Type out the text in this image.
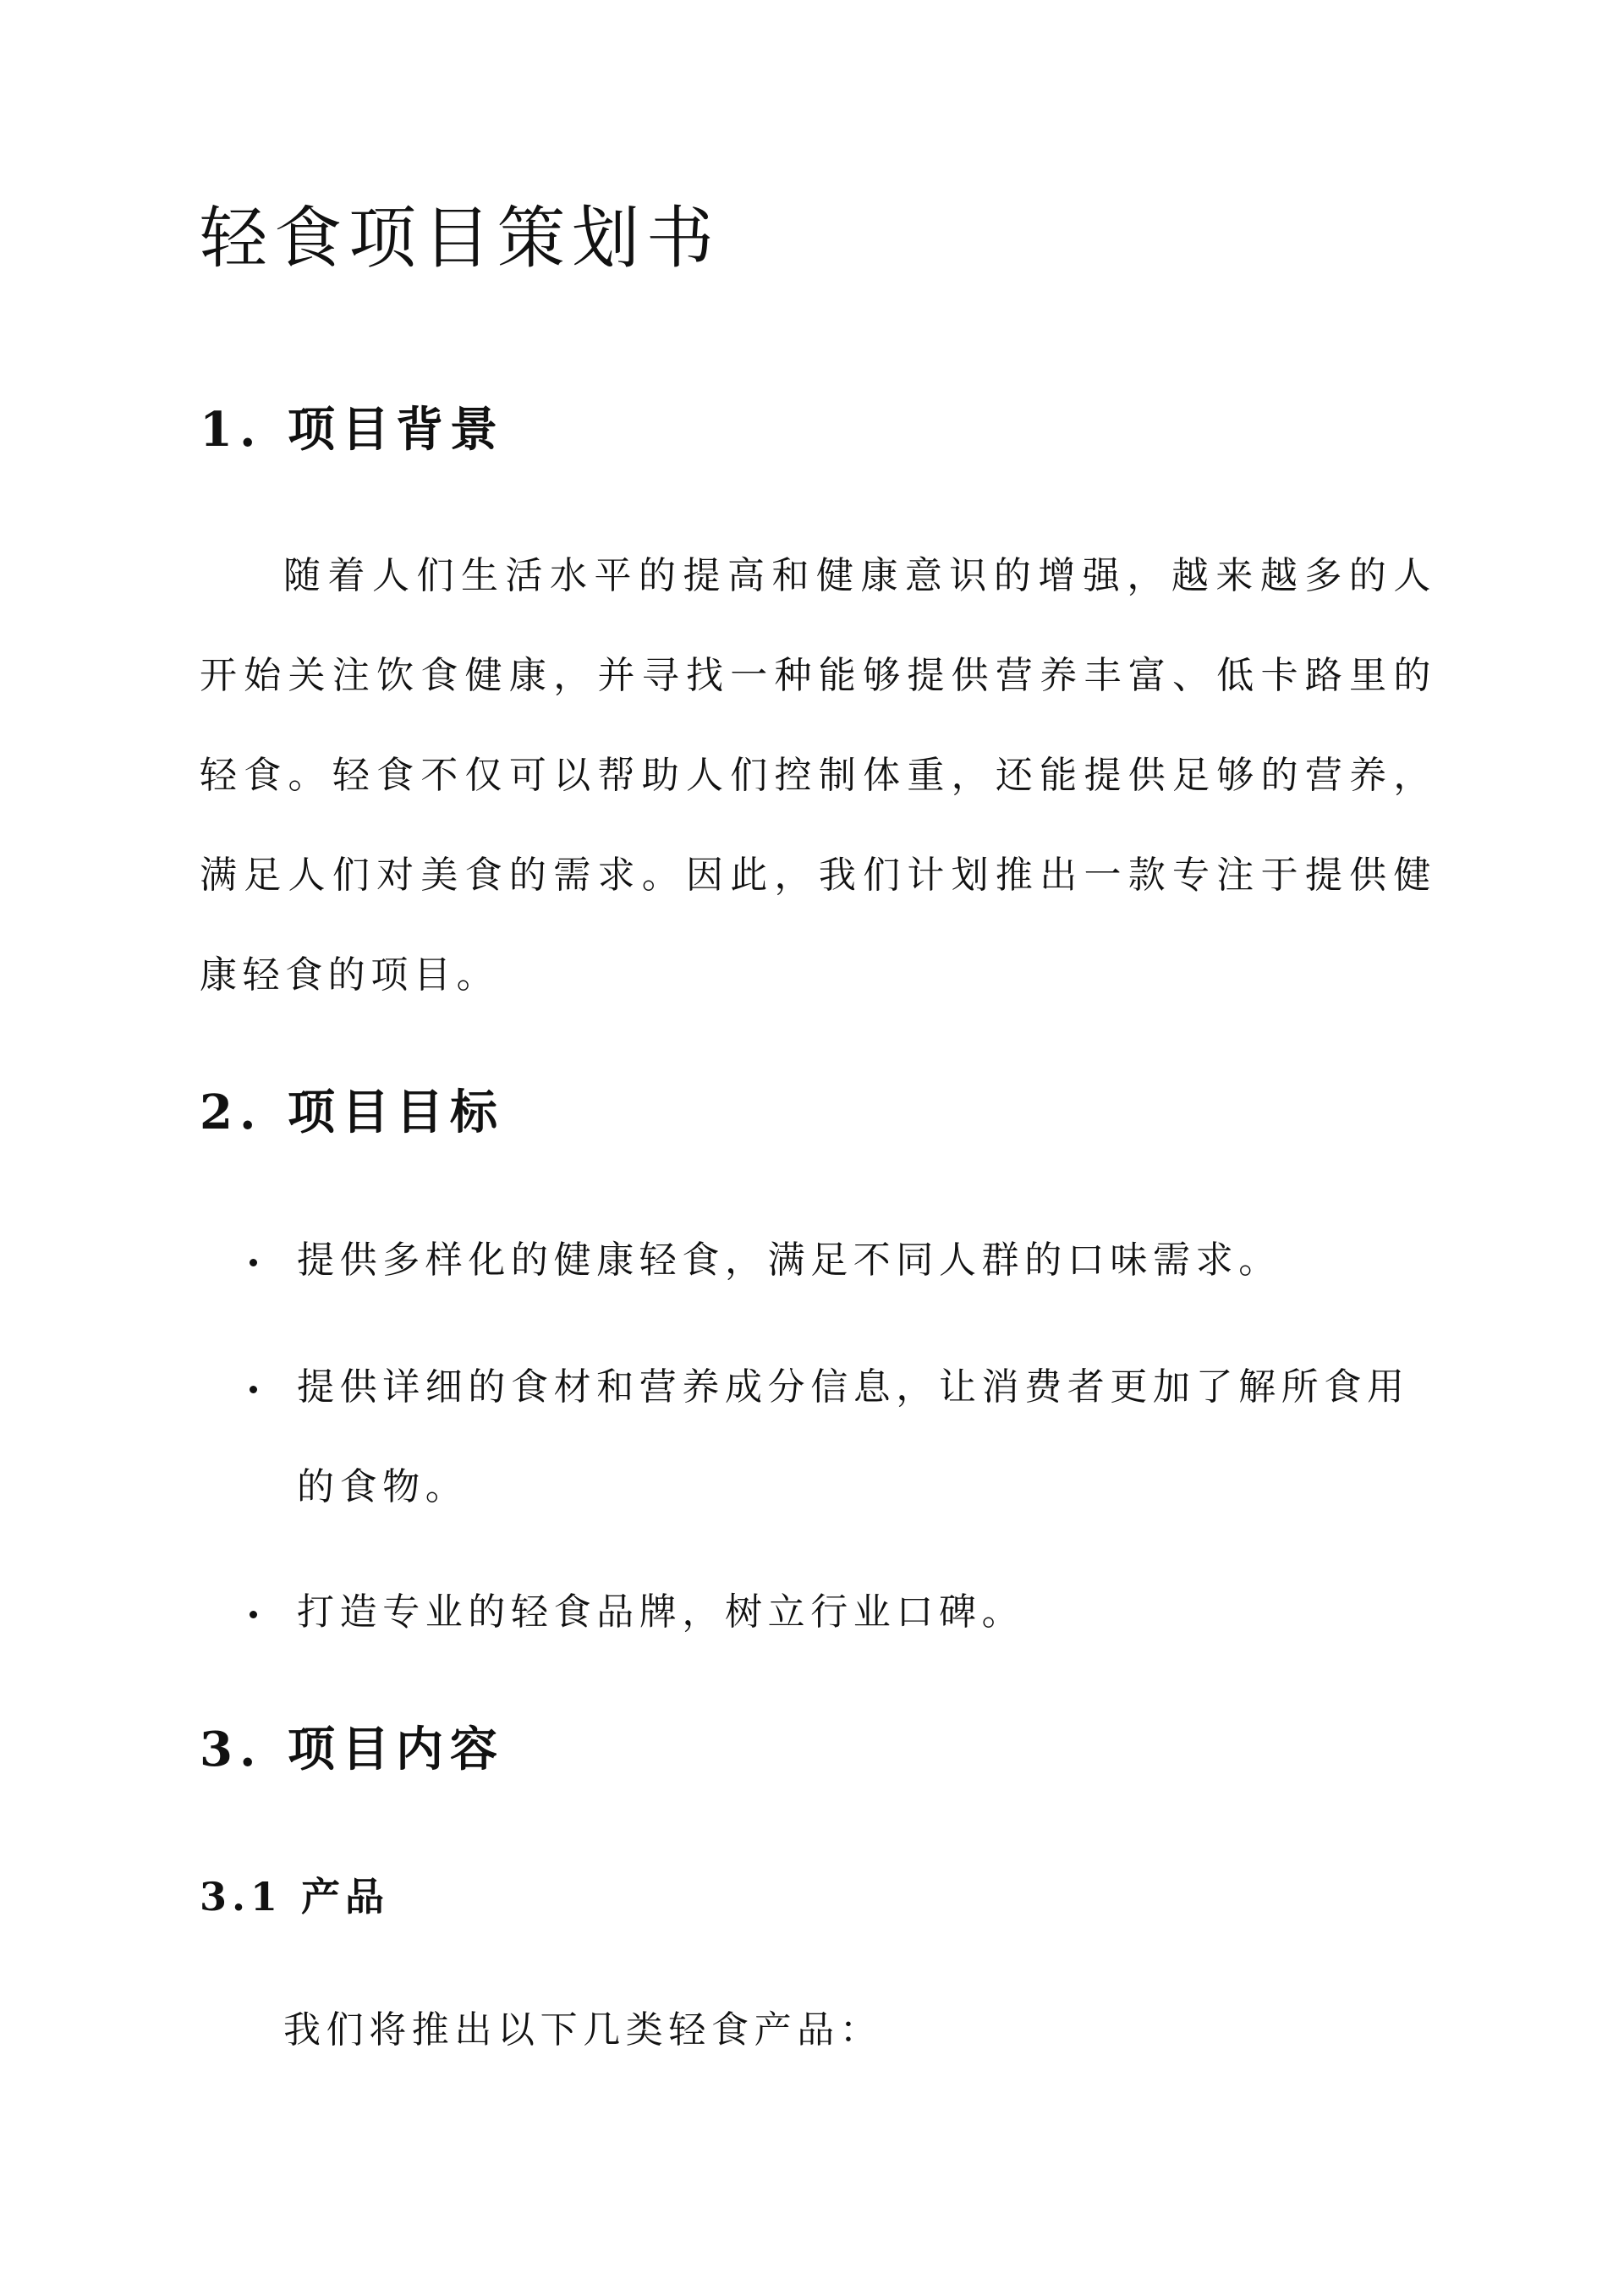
轻食项目策划书
1. 项目背景

随着人们生活水平的提高和健康意识的增强，越来越多的人开始关注饮食健康，并寻找一种能够提供营养丰富、低卡路里的轻食。轻食不仅可以帮助人们控制体重，还能提供足够的营养，满足人们对美食的需求。因此，我们计划推出一款专注于提供健康轻食的项目。

2. 项目目标

提供多样化的健康轻食，满足不同人群的口味需求。

提供详细的食材和营养成分信息，让消费者更加了解所食用的食物。

打造专业的轻食品牌，树立行业口碑。

3. 项目内容
3.1 产品

我们将推出以下几类轻食产品：
